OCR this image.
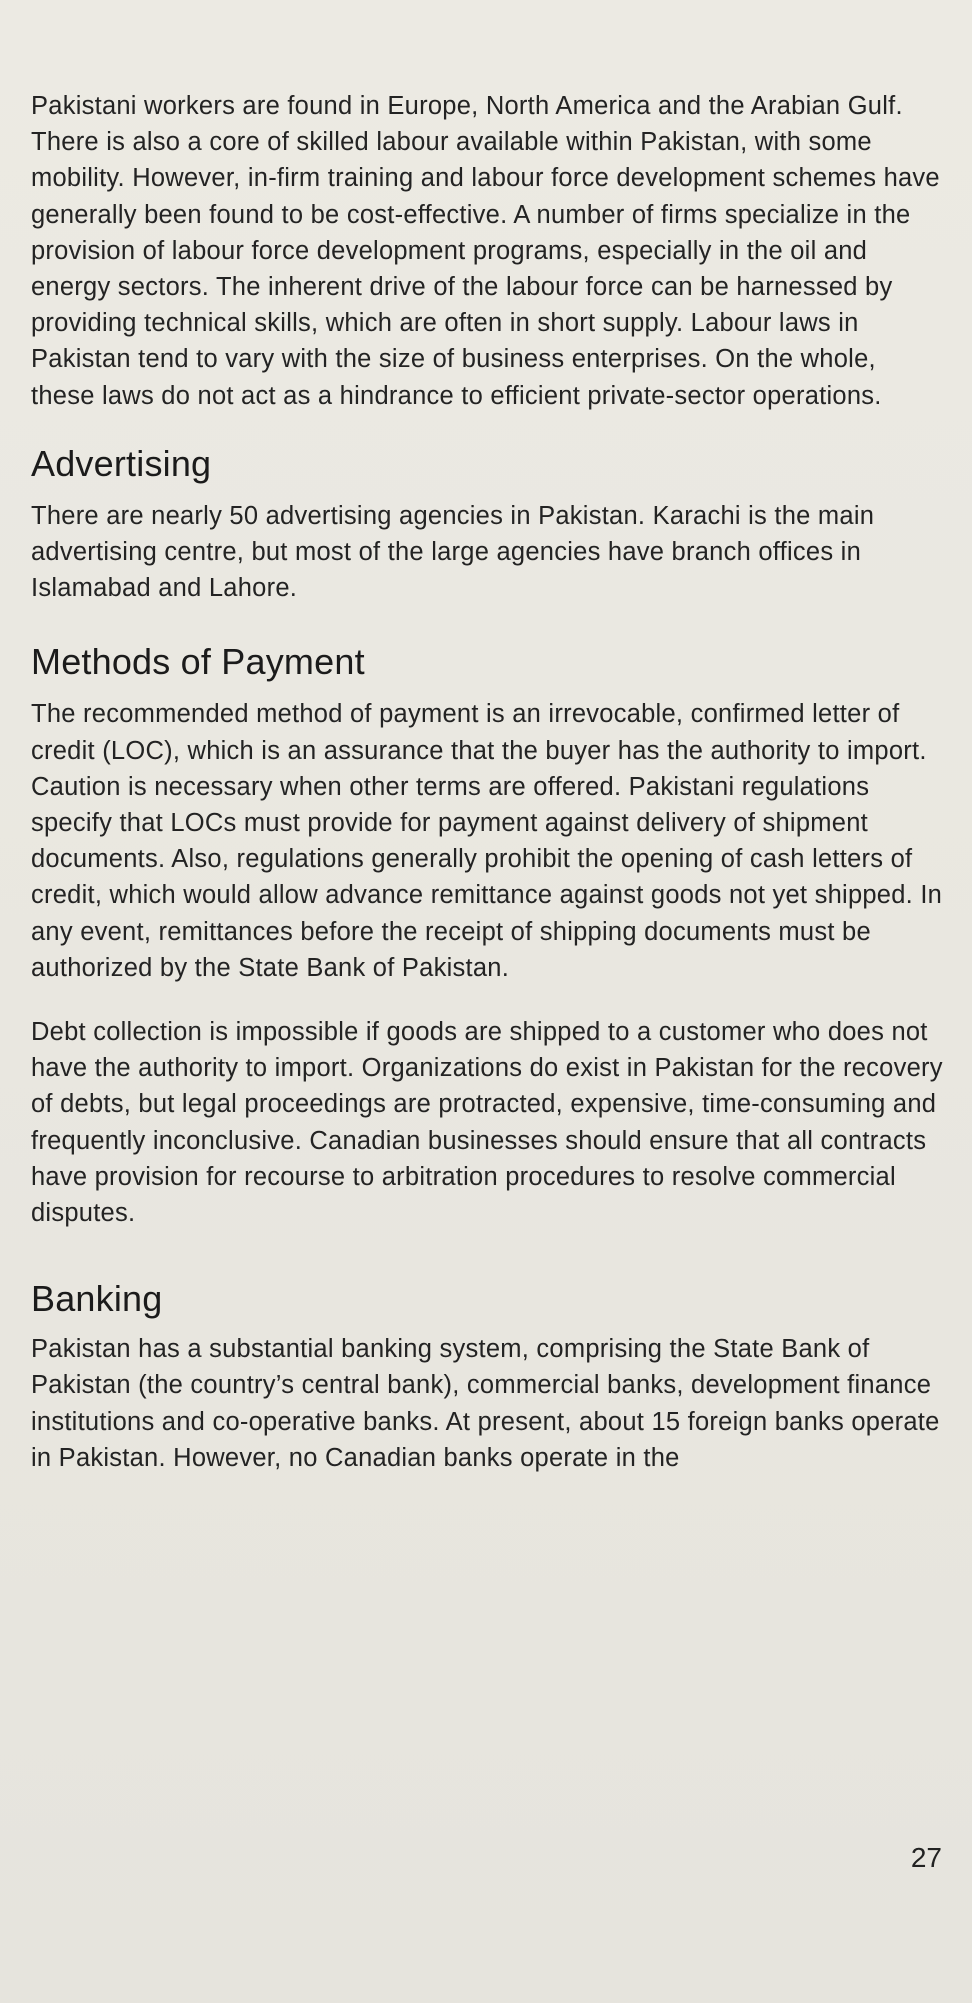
Pakistani workers are found in Europe, North America and the Arabian Gulf. There is also a core of skilled labour available within Pakistan, with some mobility. However, in-firm training and labour force development schemes have generally been found to be cost-effective. A number of firms specialize in the provision of labour force development programs, especially in the oil and energy sectors. The inherent drive of the labour force can be harnessed by providing technical skills, which are often in short supply. Labour laws in Pakistan tend to vary with the size of business enterprises. On the whole, these laws do not act as a hindrance to efficient private-sector operations.

Advertising

There are nearly 50 advertising agencies in Pakistan. Karachi is the main advertising centre, but most of the large agencies have branch offices in Islamabad and Lahore.

Methods of Payment

The recommended method of payment is an irrevocable, confirmed letter of credit (LOC), which is an assurance that the buyer has the authority to import. Caution is necessary when other terms are offered. Pakistani regulations specify that LOCs must provide for payment against delivery of shipment documents. Also, regulations generally prohibit the opening of cash letters of credit, which would allow advance remittance against goods not yet shipped. In any event, remittances before the receipt of shipping documents must be authorized by the State Bank of Pakistan.

Debt collection is impossible if goods are shipped to a customer who does not have the authority to import. Organizations do exist in Pakistan for the recovery of debts, but legal proceedings are protracted, expensive, time-consuming and frequently inconclusive. Canadian businesses should ensure that all contracts have provision for recourse to arbitration procedures to resolve commercial disputes.

Banking

Pakistan has a substantial banking system, comprising the State Bank of Pakistan (the country’s central bank), commercial banks, development finance institutions and co-operative banks. At present, about 15 foreign banks operate in Pakistan. However, no Canadian banks operate in the

27
